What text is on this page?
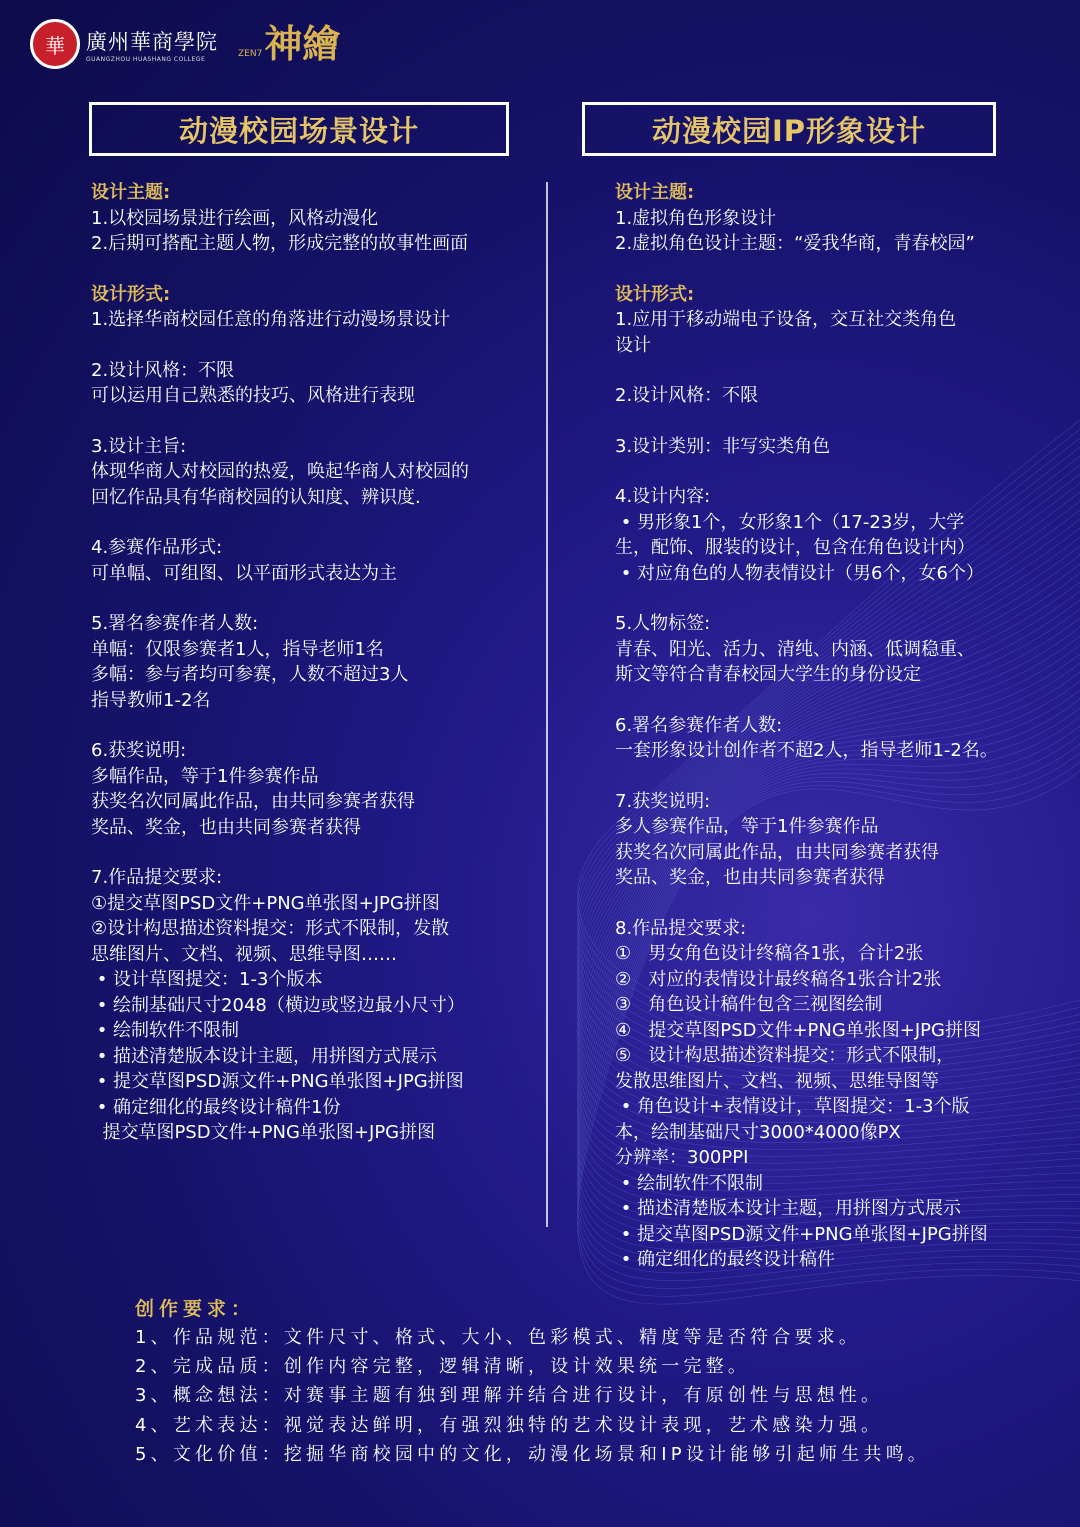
華	廣州華商學院
GUANGZHOU HUASHANG COLLEGE	ZEN7 神繪
动漫校园场景设计	动漫校园IP形象设计
设计主题:
1.以校园场景进行绘画，风格动漫化
2.后期可搭配主题人物，形成完整的故事性画面
设计形式:
1.选择华商校园任意的角落进行动漫场景设计
2.设计风格：不限
可以运用自己熟悉的技巧、风格进行表现
3.设计主旨:
体现华商人对校园的热爱，唤起华商人对校园的
回忆作品具有华商校园的认知度、辨识度.
4.参赛作品形式:
可单幅、可组图、以平面形式表达为主
5.署名参赛作者人数:
单幅：仅限参赛者1人，指导老师1名
多幅：参与者均可参赛，人数不超过3人
指导教师1-2名
6.获奖说明:
多幅作品，等于1件参赛作品
获奖名次同属此作品，由共同参赛者获得
奖品、奖金，也由共同参赛者获得
7.作品提交要求:
①提交草图PSD文件+PNG单张图+JPG拼图
②设计构思描述资料提交：形式不限制，发散
思维图片、文档、视频、思维导图……
• 设计草图提交：1-3个版本
• 绘制基础尺寸2048（横边或竖边最小尺寸）
• 绘制软件不限制
• 描述清楚版本设计主题，用拼图方式展示
• 提交草图PSD源文件+PNG单张图+JPG拼图
• 确定细化的最终设计稿件1份
提交草图PSD文件+PNG单张图+JPG拼图
设计主题:
1.虚拟角色形象设计
2.虚拟角色设计主题：“爱我华商，青春校园”
设计形式:
1.应用于移动端电子设备，交互社交类角色
设计
2.设计风格：不限
3.设计类别：非写实类角色
4.设计内容:
• 男形象1个，女形象1个（17-23岁，大学
生，配饰、服装的设计，包含在角色设计内）
• 对应角色的人物表情设计（男6个，女6个）
5.人物标签:
青春、阳光、活力、清纯、内涵、低调稳重、
斯文等符合青春校园大学生的身份设定
6.署名参赛作者人数:
一套形象设计创作者不超2人，指导老师1-2名。
7.获奖说明:
多人参赛作品，等于1件参赛作品
获奖名次同属此作品，由共同参赛者获得
奖品、奖金，也由共同参赛者获得
8.作品提交要求:
①   男女角色设计终稿各1张，合计2张
②   对应的表情设计最终稿各1张合计2张
③   角色设计稿件包含三视图绘制
④   提交草图PSD文件+PNG单张图+JPG拼图
⑤   设计构思描述资料提交：形式不限制，
发散思维图片、文档、视频、思维导图等
• 角色设计+表情设计，草图提交：1-3个版
本，绘制基础尺寸3000*4000像PX
分辨率：300PPI
• 绘制软件不限制
• 描述清楚版本设计主题，用拼图方式展示
• 提交草图PSD源文件+PNG单张图+JPG拼图
• 确定细化的最终设计稿件
创作要求：
1、作品规范：文件尺寸、格式、大小、色彩模式、精度等是否符合要求。
2、完成品质：创作内容完整，逻辑清晰，设计效果统一完整。
3、概念想法：对赛事主题有独到理解并结合进行设计，有原创性与思想性。
4、艺术表达：视觉表达鲜明，有强烈独特的艺术设计表现，艺术感染力强。
5、文化价值：挖掘华商校园中的文化，动漫化场景和IP设计能够引起师生共鸣。
